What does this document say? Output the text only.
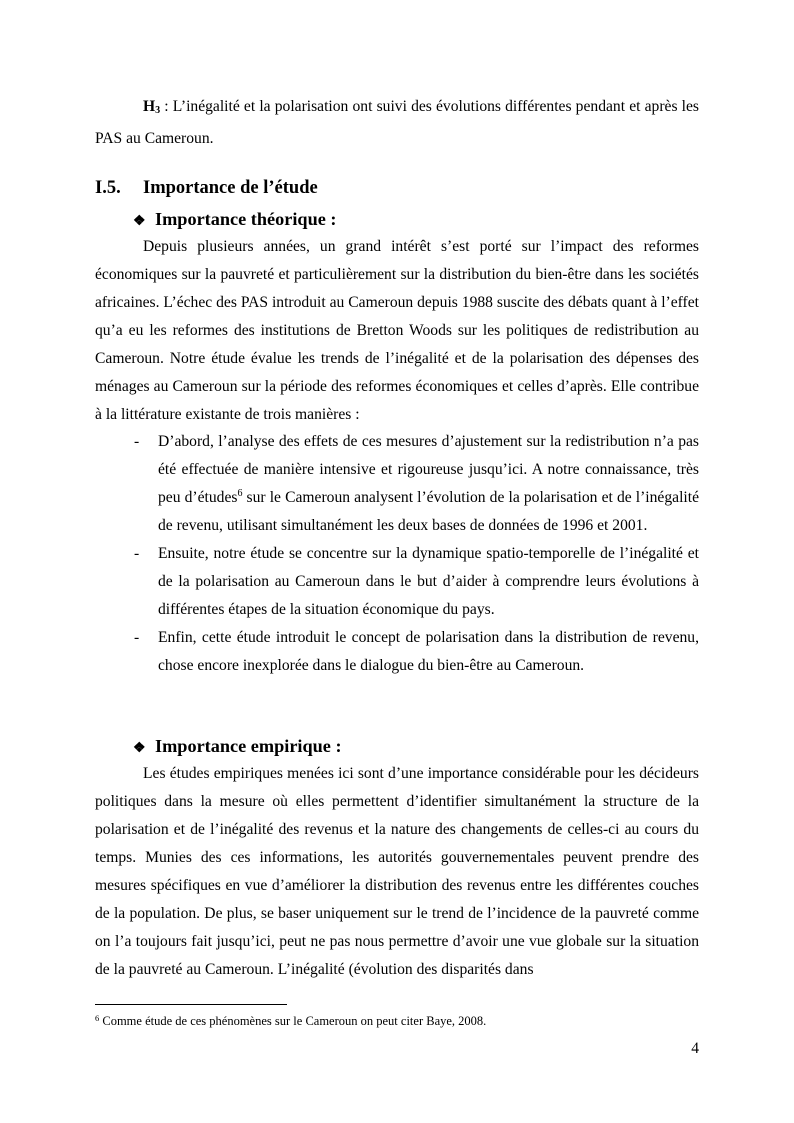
$H_3$ : L’inégalité et la polarisation ont suivi des évolutions différentes pendant et après les PAS au Cameroun.

I.5. Importance de l’étude
❖ Importance théorique :

Depuis plusieurs années, un grand intérêt s’est porté sur l’impact des reformes économiques sur la pauvreté et particulièrement sur la distribution du bien-être dans les sociétés africaines. L’échec des PAS introduit au Cameroun depuis 1988 suscite des débats quant à l’effet qu’a eu les reformes des institutions de Bretton Woods sur les politiques de redistribution au Cameroun. Notre étude évalue les trends de l’inégalité et de la polarisation des dépenses des ménages au Cameroun sur la période des reformes économiques et celles d’après. Elle contribue à la littérature existante de trois manières :

- D’abord, l’analyse des effets de ces mesures d’ajustement sur la redistribution n’a pas été effectuée de manière intensive et rigoureuse jusqu’ici. A notre connaissance, très peu d’études$^6$ sur le Cameroun analysent l’évolution de la polarisation et de l’inégalité de revenu, utilisant simultanément les deux bases de données de 1996 et 2001.
- Ensuite, notre étude se concentre sur la dynamique spatio-temporelle de l’inégalité et de la polarisation au Cameroun dans le but d’aider à comprendre leurs évolutions à différentes étapes de la situation économique du pays.
- Enfin, cette étude introduit le concept de polarisation dans la distribution de revenu, chose encore inexplorée dans le dialogue du bien-être au Cameroun.
❖ Importance empirique :

Les études empiriques menées ici sont d’une importance considérable pour les décideurs politiques dans la mesure où elles permettent d’identifier simultanément la structure de la polarisation et de l’inégalité des revenus et la nature des changements de celles-ci au cours du temps. Munies des ces informations, les autorités gouvernementales peuvent prendre des mesures spécifiques en vue d’améliorer la distribution des revenus entre les différentes couches de la population. De plus, se baser uniquement sur le trend de l’incidence de la pauvreté comme on l’a toujours fait jusqu’ici, peut ne pas nous permettre d’avoir une vue globale sur la situation de la pauvreté au Cameroun. L’inégalité (évolution des disparités dans

$^6$ Comme étude de ces phénomènes sur le Cameroun on peut citer Baye, 2008.

4
